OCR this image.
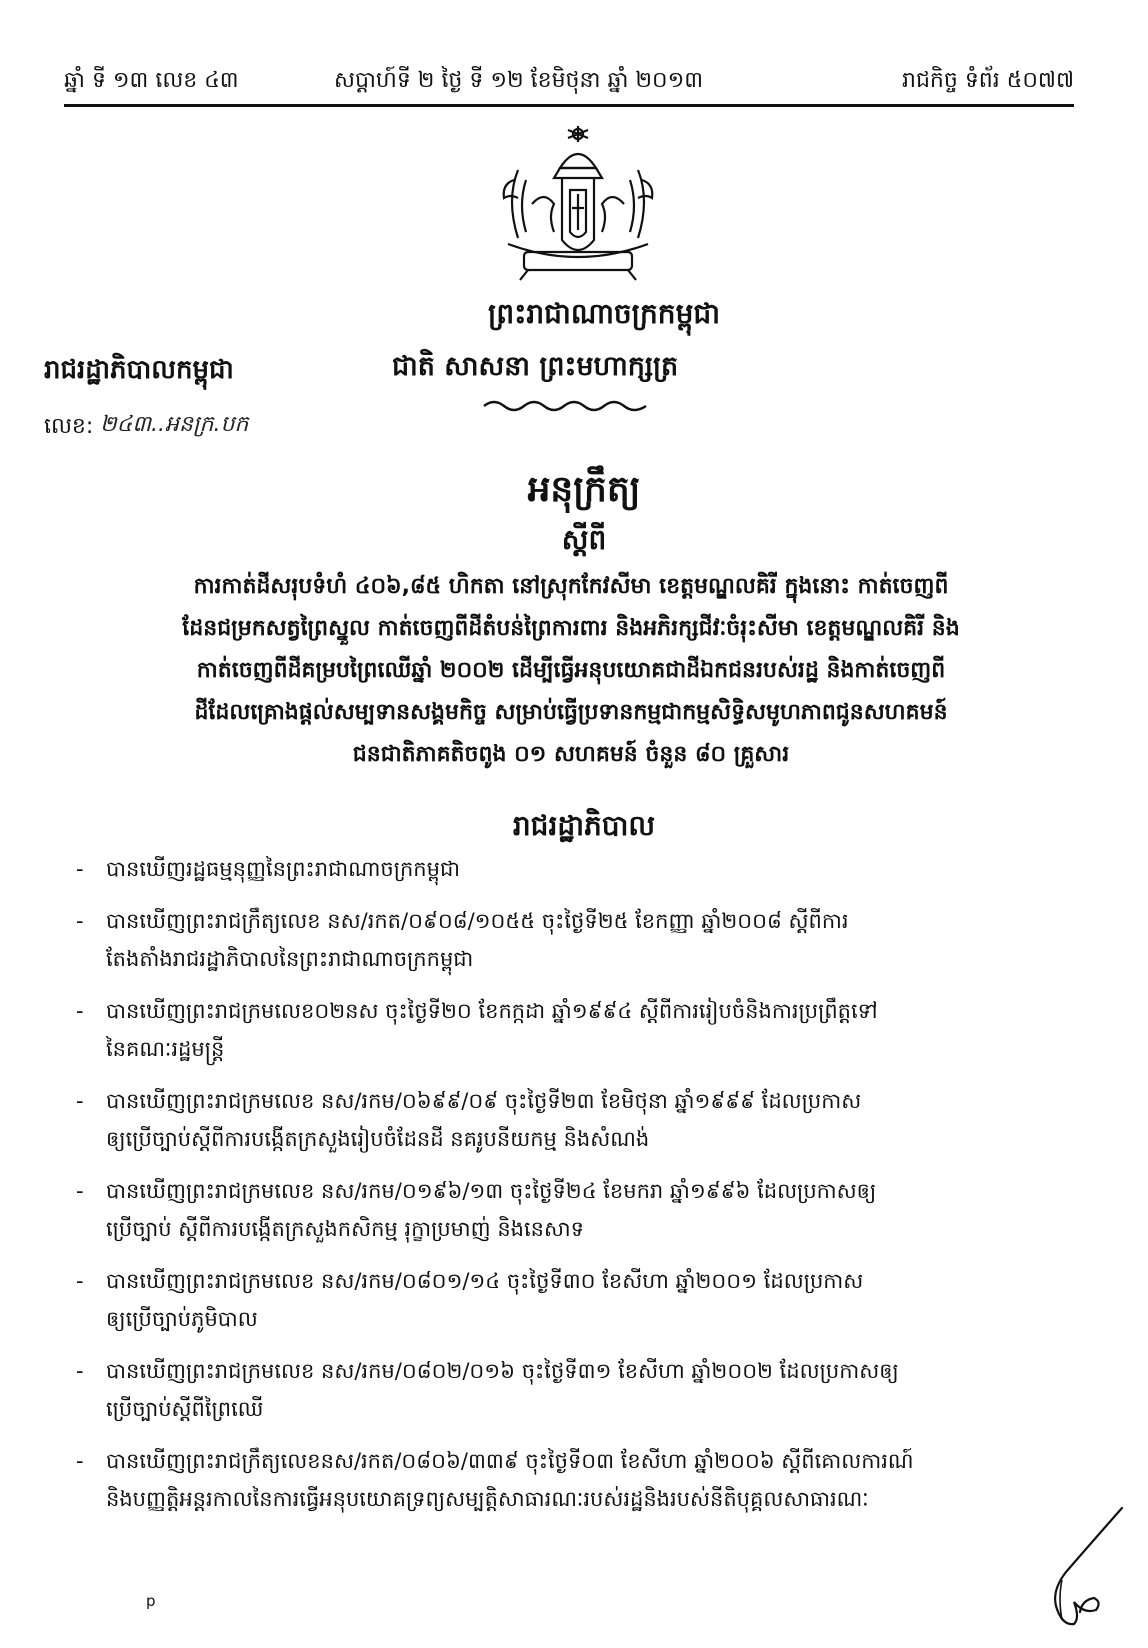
ឆ្នាំ ទី ១៣ លេខ ៤៣	សប្តាហ៍ទី ២ ថ្ងៃ ទី ១២ ខែមិថុនា ឆ្នាំ ២០១៣	រាជកិច្ច ទំព័រ ៥០៧៧
ព្រះរាជាណាចក្រកម្ពុជា
ជាតិ សាសនា ព្រះមហាក្សត្រ
រាជរដ្ឋាភិបាលកម្ពុជា
លេខ: ២៤៣..អនក្រ.បក
អនុក្រឹត្យ
ស្តីពី
ការកាត់ដីសរុបទំហំ ៤០៦,៨៥ ហិកតា នៅស្រុកកែវសីមា ខេត្តមណ្ឌលគិរី ក្នុងនោះ កាត់ចេញពី
ដែនជម្រកសត្វព្រៃស្នួល កាត់ចេញពីដីតំបន់ព្រៃការពារ និងអភិរក្សជីវៈចំរុះសីមា ខេត្តមណ្ឌលគិរី និង
កាត់ចេញពីដីគម្របព្រៃឈើឆ្នាំ ២០០២ ដើម្បីធ្វើអនុបយោគជាដីឯកជនរបស់រដ្ឋ និងកាត់ចេញពី
ដីដែលគ្រោងផ្តល់សម្បទានសង្គមកិច្ច សម្រាប់ធ្វើប្រទានកម្មជាកម្មសិទ្ធិសមូហភាពជូនសហគមន៍
ជនជាតិភាគតិចពូង ០១ សហគមន៍ ចំនួន ៨០ គ្រួសារ
រាជរដ្ឋាភិបាល
- បានឃើញរដ្ឋធម្មនុញ្ញនៃព្រះរាជាណាចក្រកម្ពុជា
- បានឃើញព្រះរាជក្រឹត្យលេខ នស/រកត/០៩០៨/១០៥៥ ចុះថ្ងៃទី២៥ ខែកញ្ញា ឆ្នាំ២០០៨ ស្តីពីការ
តែងតាំងរាជរដ្ឋាភិបាលនៃព្រះរាជាណាចក្រកម្ពុជា
- បានឃើញព្រះរាជក្រមលេខ០២នស ចុះថ្ងៃទី២០ ខែកក្កដា ឆ្នាំ១៩៩៤ ស្តីពីការរៀបចំនិងការប្រព្រឹត្តទៅ
នៃគណៈរដ្ឋមន្ត្រី
- បានឃើញព្រះរាជក្រមលេខ នស/រកម/០៦៩៩/០៩ ចុះថ្ងៃទី២៣ ខែមិថុនា ឆ្នាំ១៩៩៩ ដែលប្រកាស
ឲ្យប្រើច្បាប់ស្តីពីការបង្កើតក្រសួងរៀបចំដែនដី នគរូបនីយកម្ម និងសំណង់
- បានឃើញព្រះរាជក្រមលេខ នស/រកម/០១៩៦/១៣ ចុះថ្ងៃទី២៤ ខែមករា ឆ្នាំ១៩៩៦ ដែលប្រកាសឲ្យ
ប្រើច្បាប់ ស្តីពីការបង្កើតក្រសួងកសិកម្ម រុក្ខាប្រមាញ់ និងនេសាទ
- បានឃើញព្រះរាជក្រមលេខ នស/រកម/០៨០១/១៤ ចុះថ្ងៃទី៣០ ខែសីហា ឆ្នាំ២០០១ ដែលប្រកាស
ឲ្យប្រើច្បាប់ភូមិបាល
- បានឃើញព្រះរាជក្រមលេខ នស/រកម/០៨០២/០១៦ ចុះថ្ងៃទី៣១ ខែសីហា ឆ្នាំ២០០២ ដែលប្រកាសឲ្យ
ប្រើច្បាប់ស្តីពីព្រៃឈើ
- បានឃើញព្រះរាជក្រឹត្យលេខនស/រកត/០៨០៦/៣៣៩ ចុះថ្ងៃទី០៣ ខែសីហា ឆ្នាំ២០០៦ ស្តីពីគោលការណ៍
និងបញ្ញត្តិអន្តរកាលនៃការធ្វើអនុបយោគទ្រព្យសម្បត្តិសាធារណៈរបស់រដ្ឋនិងរបស់នីតិបុគ្គលសាធារណៈ
p
